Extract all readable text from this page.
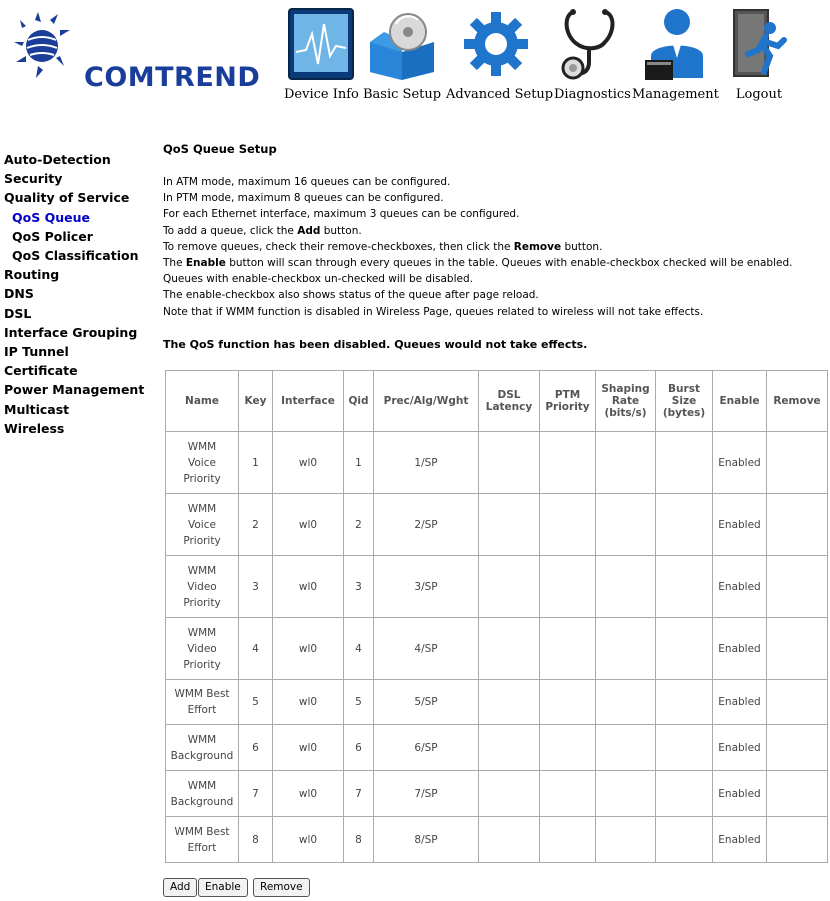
COMTREND
Device Info Basic Setup Advanced Setup Diagnostics Management	Logout
Auto-Detection
Security
Quality of Service
QoS Queue
QoS Policer
QoS Classification
Routing
DNS
DSL
Interface Grouping
IP Tunnel
Certificate
Power Management
Multicast
Wireless
QoS Queue Setup
In ATM mode, maximum 16 queues can be configured.
In PTM mode, maximum 8 queues can be configured.
For each Ethernet interface, maximum 3 queues can be configured.
To add a queue, click the Add button.
To remove queues, check their remove-checkboxes, then click the Remove button.
The Enable button will scan through every queues in the table. Queues with enable-checkbox checked will be enabled. Queues with enable-checkbox un-checked will be disabled.
The enable-checkbox also shows status of the queue after page reload.
Note that if WMM function is disabled in Wireless Page, queues related to wireless will not take effects.
The QoS function has been disabled. Queues would not take effects.
Name	Key	Interface	Qid	Prec/Alg/Wght	DSL
Latency	PTM
Priority	Shaping
Rate
(bits/s)	Burst
Size
(bytes)	Enable	Remove
WMM
Voice
Priority	1	wl0	1	1/SP					Enabled	
WMM
Voice
Priority	2	wl0	2	2/SP					Enabled	
WMM
Video
Priority	3	wl0	3	3/SP					Enabled	
WMM
Video
Priority	4	wl0	4	4/SP					Enabled	
WMM Best
Effort	5	wl0	5	5/SP					Enabled	
WMM
Background	6	wl0	6	6/SP					Enabled	
WMM
Background	7	wl0	7	7/SP					Enabled	
WMM Best
Effort	8	wl0	8	8/SP					Enabled	
Add	Enable	Remove
